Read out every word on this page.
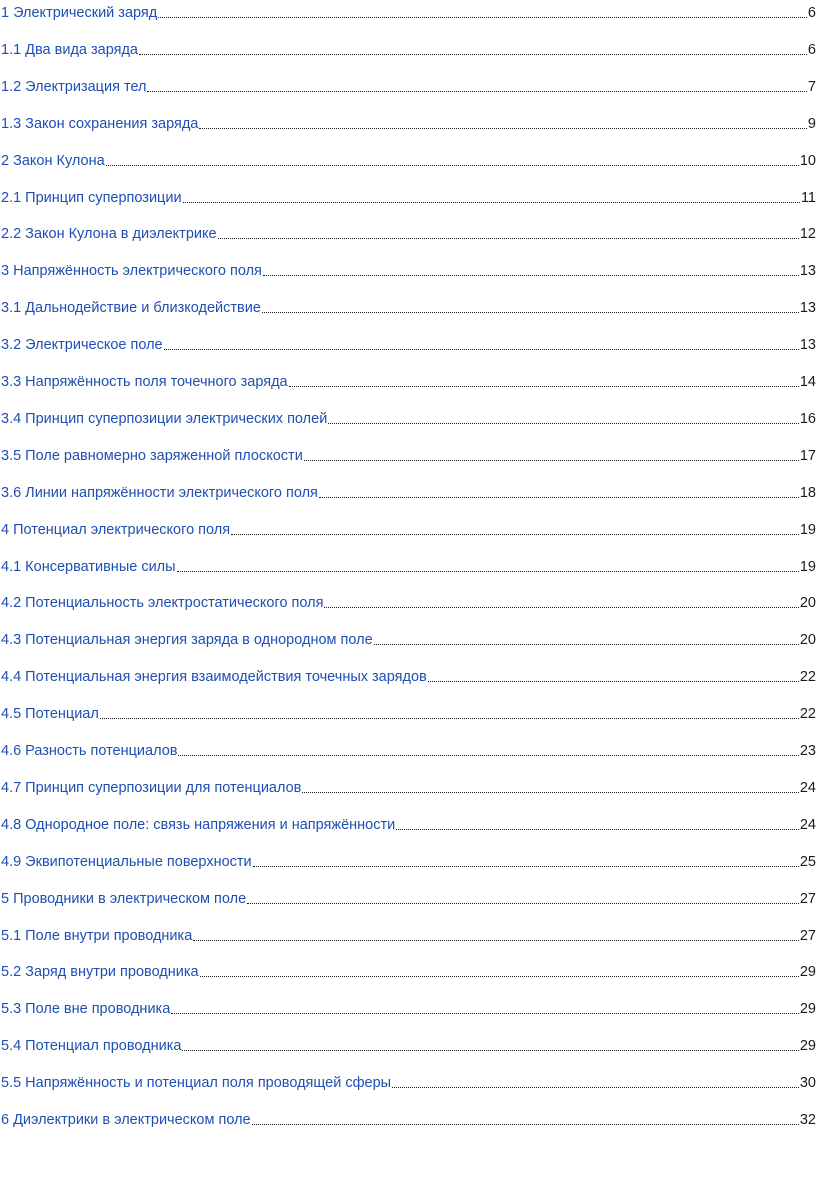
1 Электрический заряд	6
1.1 Два вида заряда	6
1.2 Электризация тел	7
1.3 Закон сохранения заряда	9
2 Закон Кулона	10
2.1 Принцип суперпозиции	11
2.2 Закон Кулона в диэлектрике	12
3 Напряжённость электрического поля	13
3.1 Дальнодействие и близкодействие	13
3.2 Электрическое поле	13
3.3 Напряжённость поля точечного заряда	14
3.4 Принцип суперпозиции электрических полей	16
3.5 Поле равномерно заряженной плоскости	17
3.6 Линии напряжённости электрического поля	18
4 Потенциал электрического поля	19
4.1 Консервативные силы	19
4.2 Потенциальность электростатического поля	20
4.3 Потенциальная энергия заряда в однородном поле	20
4.4 Потенциальная энергия взаимодействия точечных зарядов	22
4.5 Потенциал	22
4.6 Разность потенциалов	23
4.7 Принцип суперпозиции для потенциалов	24
4.8 Однородное поле: связь напряжения и напряжённости	24
4.9 Эквипотенциальные поверхности	25
5 Проводники в электрическом поле	27
5.1 Поле внутри проводника	27
5.2 Заряд внутри проводника	29
5.3 Поле вне проводника	29
5.4 Потенциал проводника	29
5.5 Напряжённость и потенциал поля проводящей сферы	30
6 Диэлектрики в электрическом поле	32
